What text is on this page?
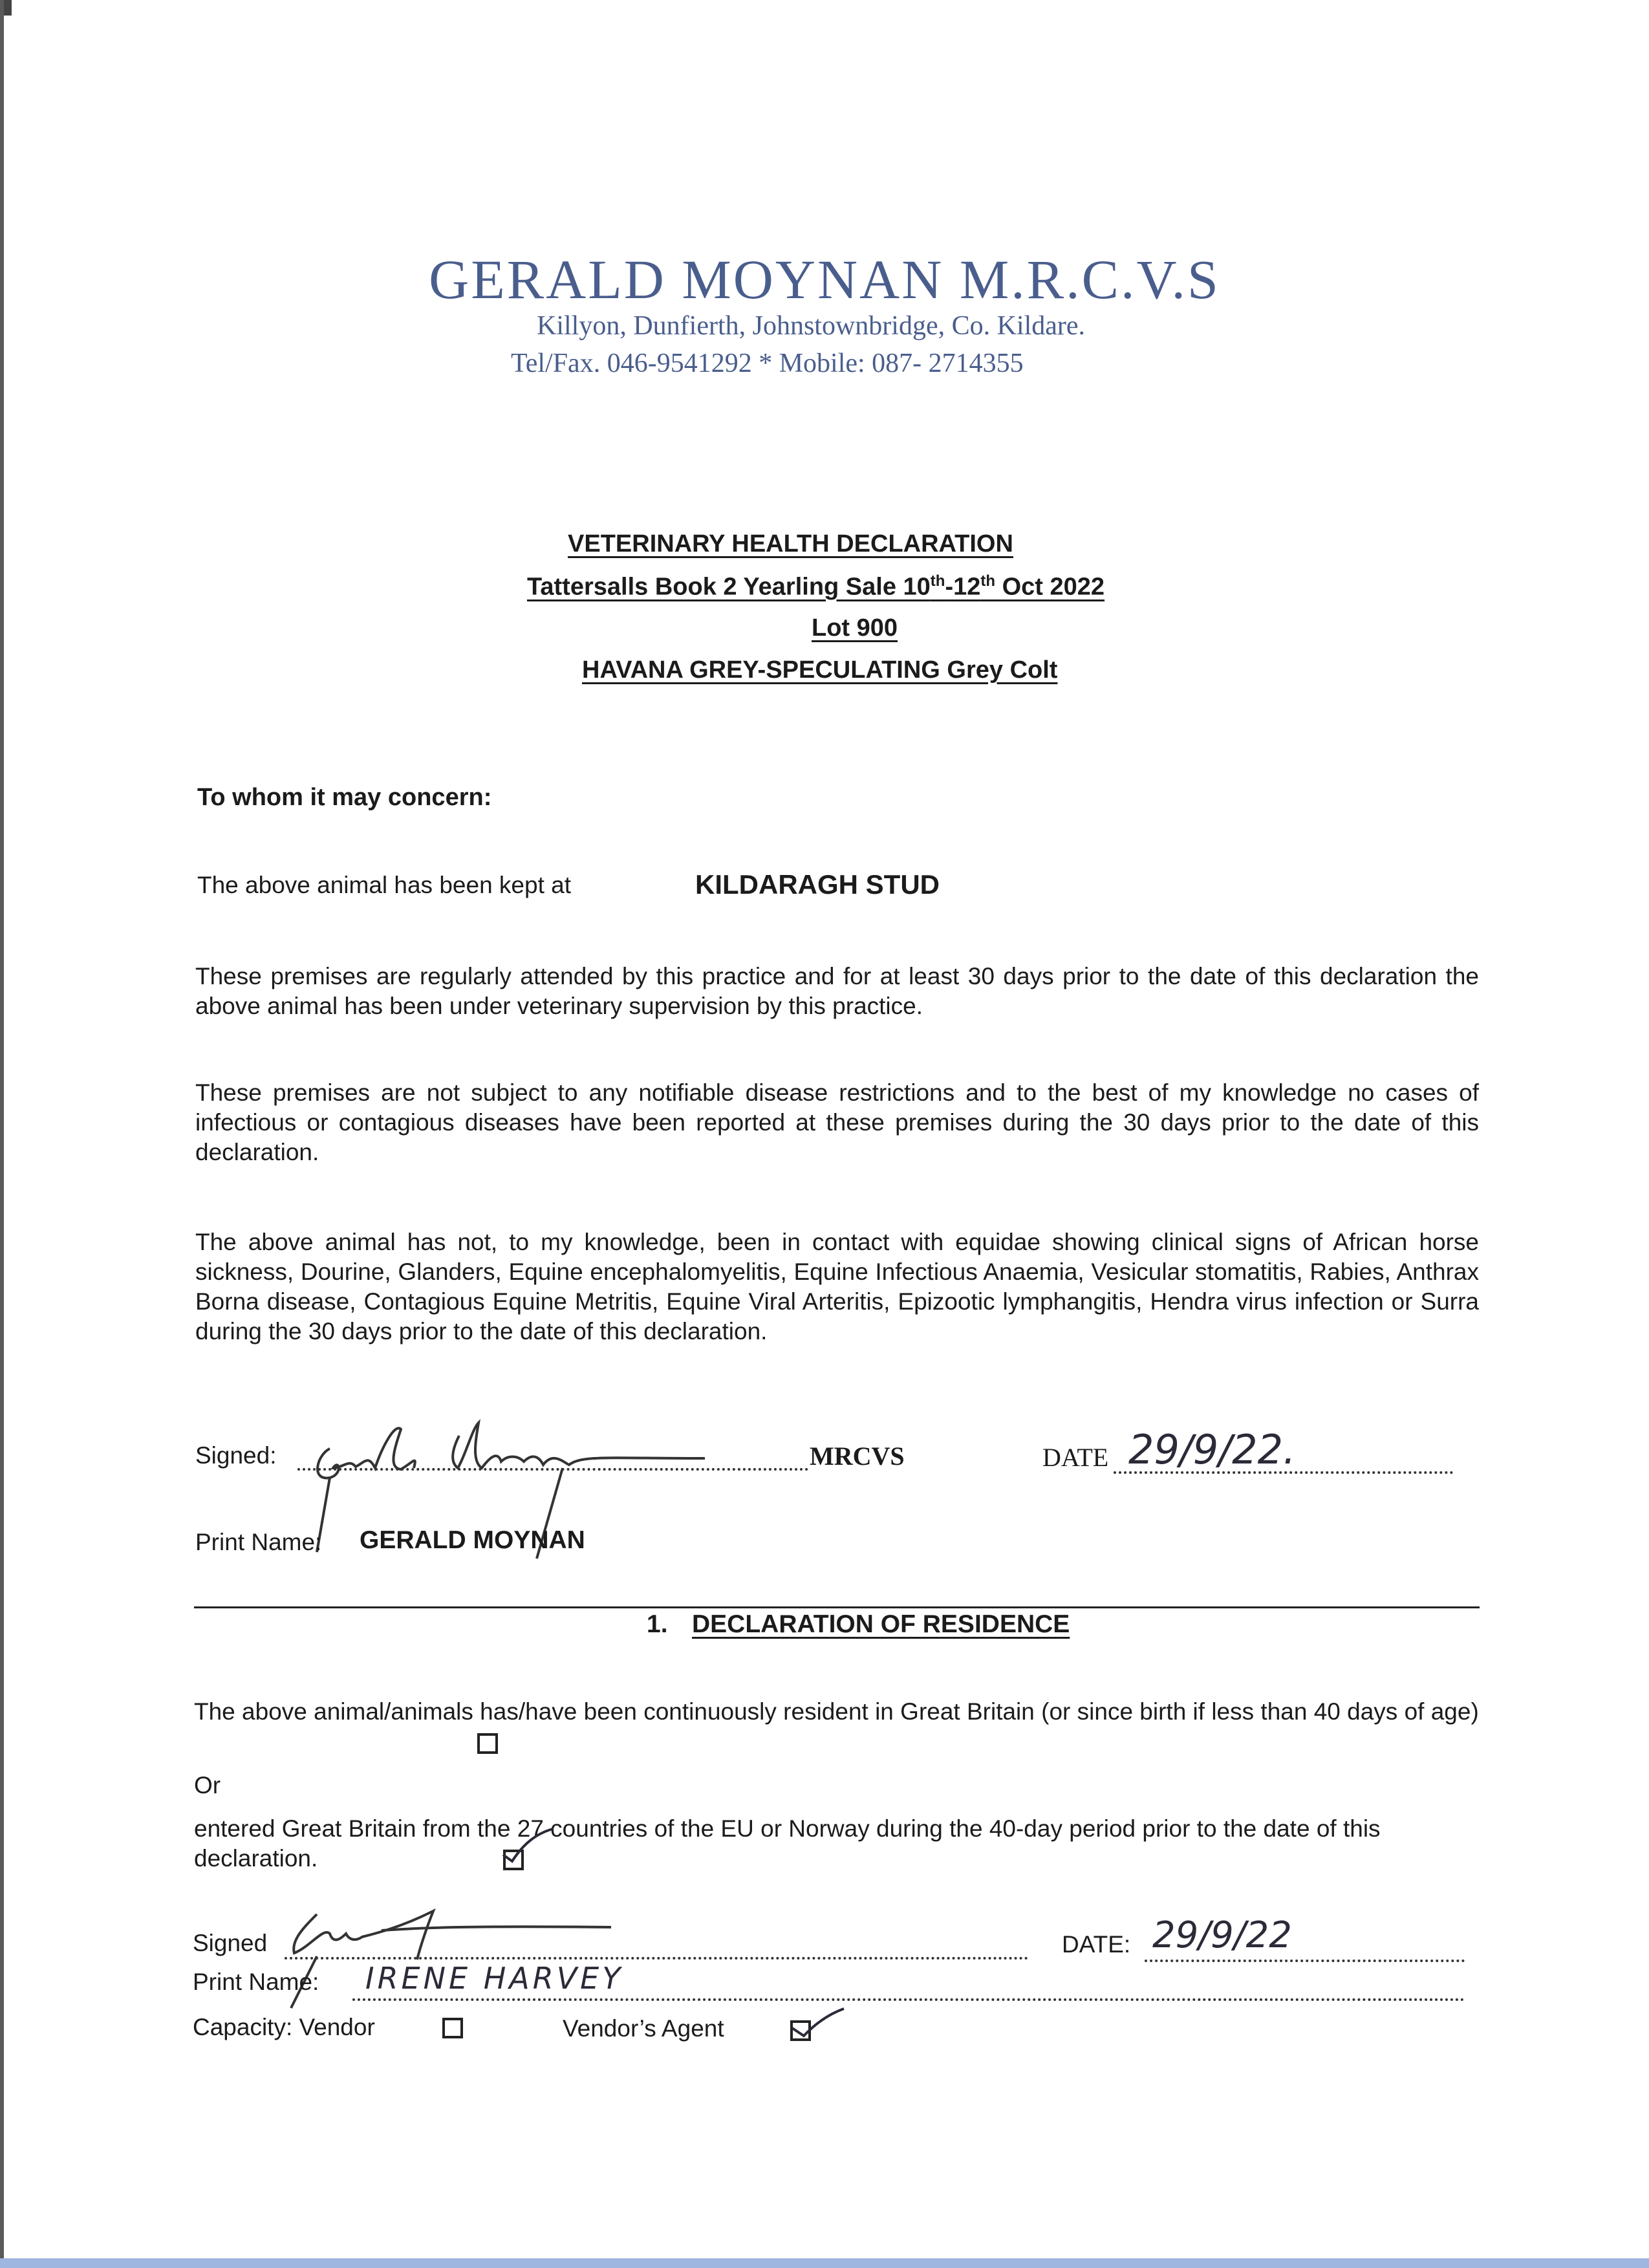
GERALD MOYNAN M.R.C.V.S
Killyon, Dunfierth, Johnstownbridge, Co. Kildare.
Tel/Fax. 046-9541292 * Mobile: 087- 2714355
VETERINARY HEALTH DECLARATION
Tattersalls Book 2 Yearling Sale 10th-12th Oct 2022
Lot 900
HAVANA GREY-SPECULATING Grey Colt
To whom it may concern:
The above animal has been kept at	KILDARAGH STUD
These premises are regularly attended by this practice and for at least 30 days prior to the date of this declaration the above animal has been under veterinary supervision by this practice.
These premises are not subject to any notifiable disease restrictions and to the best of my knowledge no cases of infectious or contagious diseases have been reported at these premises during the 30 days prior to the date of this declaration.
The above animal has not, to my knowledge, been in contact with equidae showing clinical signs of African horse sickness, Dourine, Glanders, Equine encephalomyelitis, Equine Infectious Anaemia, Vesicular stomatitis, Rabies, Anthrax Borna disease, Contagious Equine Metritis, Equine Viral Arteritis, Epizootic lymphangitis, Hendra virus infection or Surra during the 30 days prior to the date of this declaration.
Signed:	MRCVS	DATE 29/9/22.
Print Name: GERALD MOYNAN
1. DECLARATION OF RESIDENCE
The above animal/animals has/have been continuously resident in Great Britain (or since birth if less than 40 days of age)
Or
entered Great Britain from the 27 countries of the EU or Norway during the 40-day period prior to the date of this declaration.
Signed	DATE: 29/9/22
Print Name: IRENE HARVEY
Capacity: Vendor	Vendor’s Agent
